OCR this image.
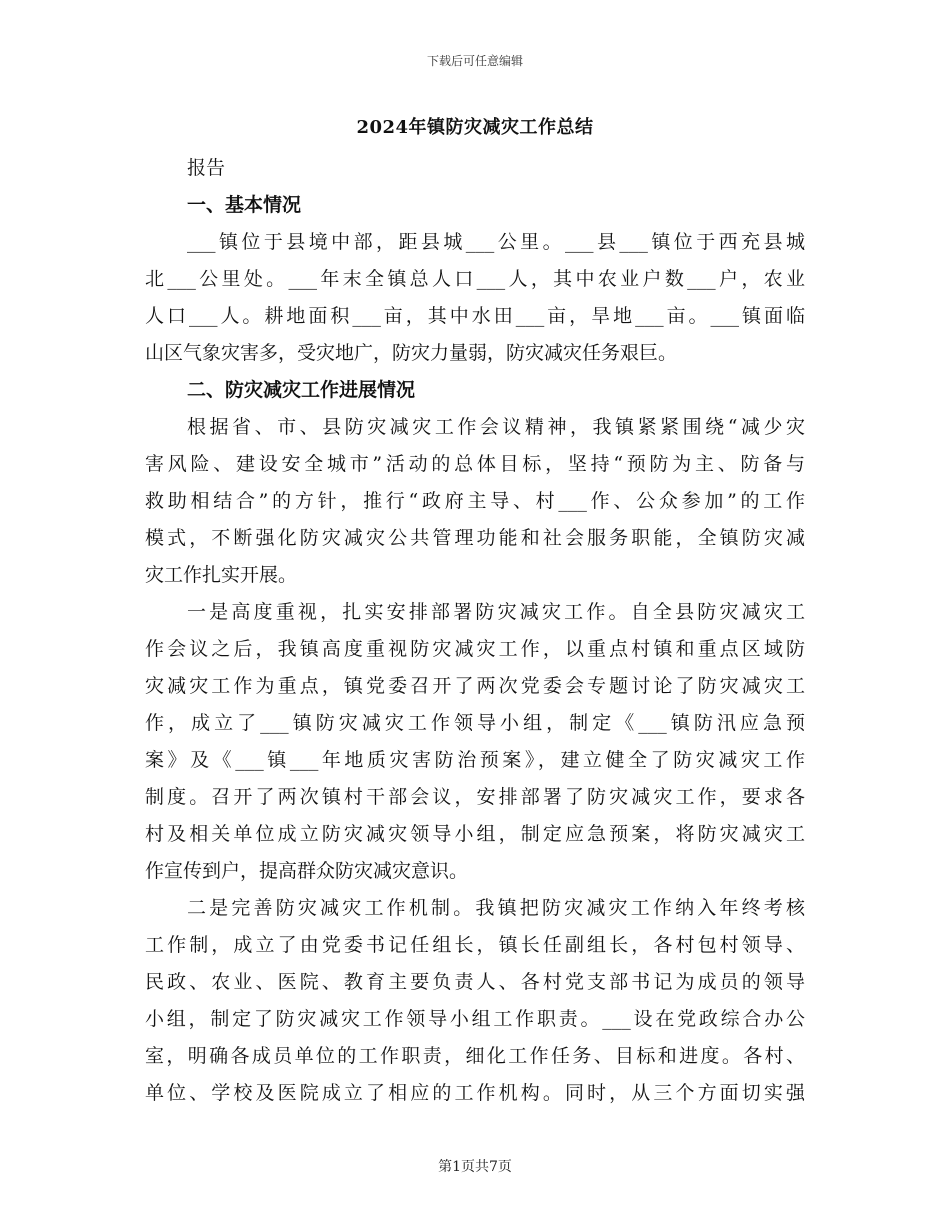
下载后可任意编辑
2024年镇防灾减灾工作总结
报告
一、基本情况
___镇位于县境中部，距县城___公里。___县___镇位于西充县城
北___公里处。___年末全镇总人口___人，其中农业户数___户，农业
人口___人。耕地面积___亩，其中水田___亩，旱地___亩。___镇面临
山区气象灾害多，受灾地广，防灾力量弱，防灾减灾任务艰巨。
二、防灾减灾工作进展情况
根据省、市、县防灾减灾工作会议精神，我镇紧紧围绕“减少灾
害风险、建设安全城市”活动的总体目标，坚持“预防为主、防备与
救助相结合”的方针，推行“政府主导、村___作、公众参加”的工作
模式，不断强化防灾减灾公共管理功能和社会服务职能，全镇防灾减
灾工作扎实开展。
一是高度重视，扎实安排部署防灾减灾工作。自全县防灾减灾工
作会议之后，我镇高度重视防灾减灾工作，以重点村镇和重点区域防
灾减灾工作为重点，镇党委召开了两次党委会专题讨论了防灾减灾工
作，成立了___镇防灾减灾工作领导小组，制定《___镇防汛应急预
案》及《___镇___年地质灾害防治预案》，建立健全了防灾减灾工作
制度。召开了两次镇村干部会议，安排部署了防灾减灾工作，要求各
村及相关单位成立防灾减灾领导小组，制定应急预案，将防灾减灾工
作宣传到户，提高群众防灾减灾意识。
二是完善防灾减灾工作机制。我镇把防灾减灾工作纳入年终考核
工作制，成立了由党委书记任组长，镇长任副组长，各村包村领导、
民政、农业、医院、教育主要负责人、各村党支部书记为成员的领导
小组，制定了防灾减灾工作领导小组工作职责。___设在党政综合办公
室，明确各成员单位的工作职责，细化工作任务、目标和进度。各村、
单位、学校及医院成立了相应的工作机构。同时，从三个方面切实强
第1页共7页
